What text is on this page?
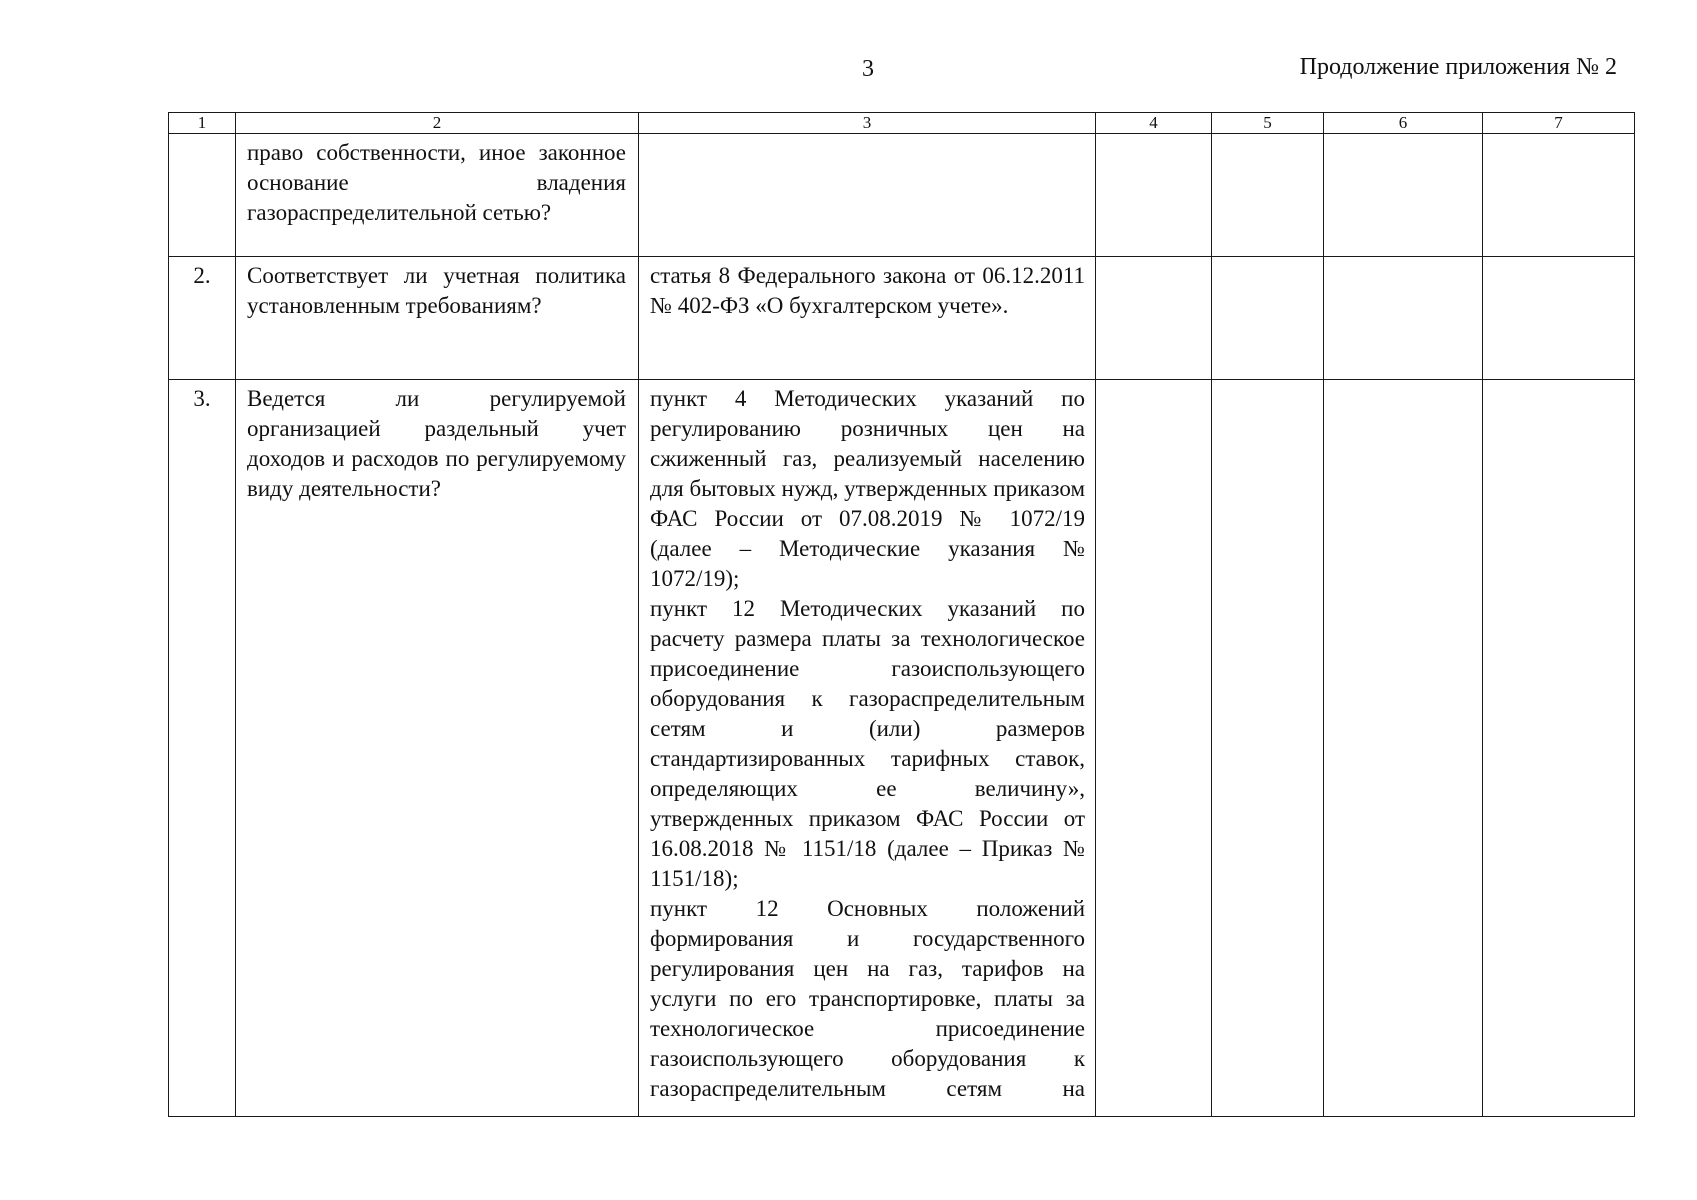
3	Продолжение приложения № 2
1	2	3	4	5	6	7
	право собственности, иное законное основание владения газораспределительной сетью?					
2.	Соответствует ли учетная политика установленным требованиям?	статья 8 Федерального закона от 06.12.2011 № 402-ФЗ «О бухгалтерском учете».				

3.	Ведется ли регулируемой организацией раздельный учет доходов и расходов по регулируемому виду деятельности?	пункт 4 Методических указаний по регулированию розничных цен на сжиженный газ, реализуемый населению для бытовых нужд, утвержденных приказом ФАС России от 07.08.2019 № 1072/19 (далее – Методические указания № 1072/19);

пункт 12 Методических указаний по расчету размера платы за технологическое присоединение газоиспользующего оборудования к газораспределительным сетям и (или) размеров стандартизированных тарифных ставок, определяющих ее величину», утвержденных приказом ФАС России от 16.08.2018 № 1151/18 (далее – Приказ № 1151/18);

пункт 12 Основных положений формирования и государственного регулирования цен на газ, тарифов на услуги по его транспортировке, платы за технологическое присоединение газоиспользующего оборудования к газораспределительным сетям на				
